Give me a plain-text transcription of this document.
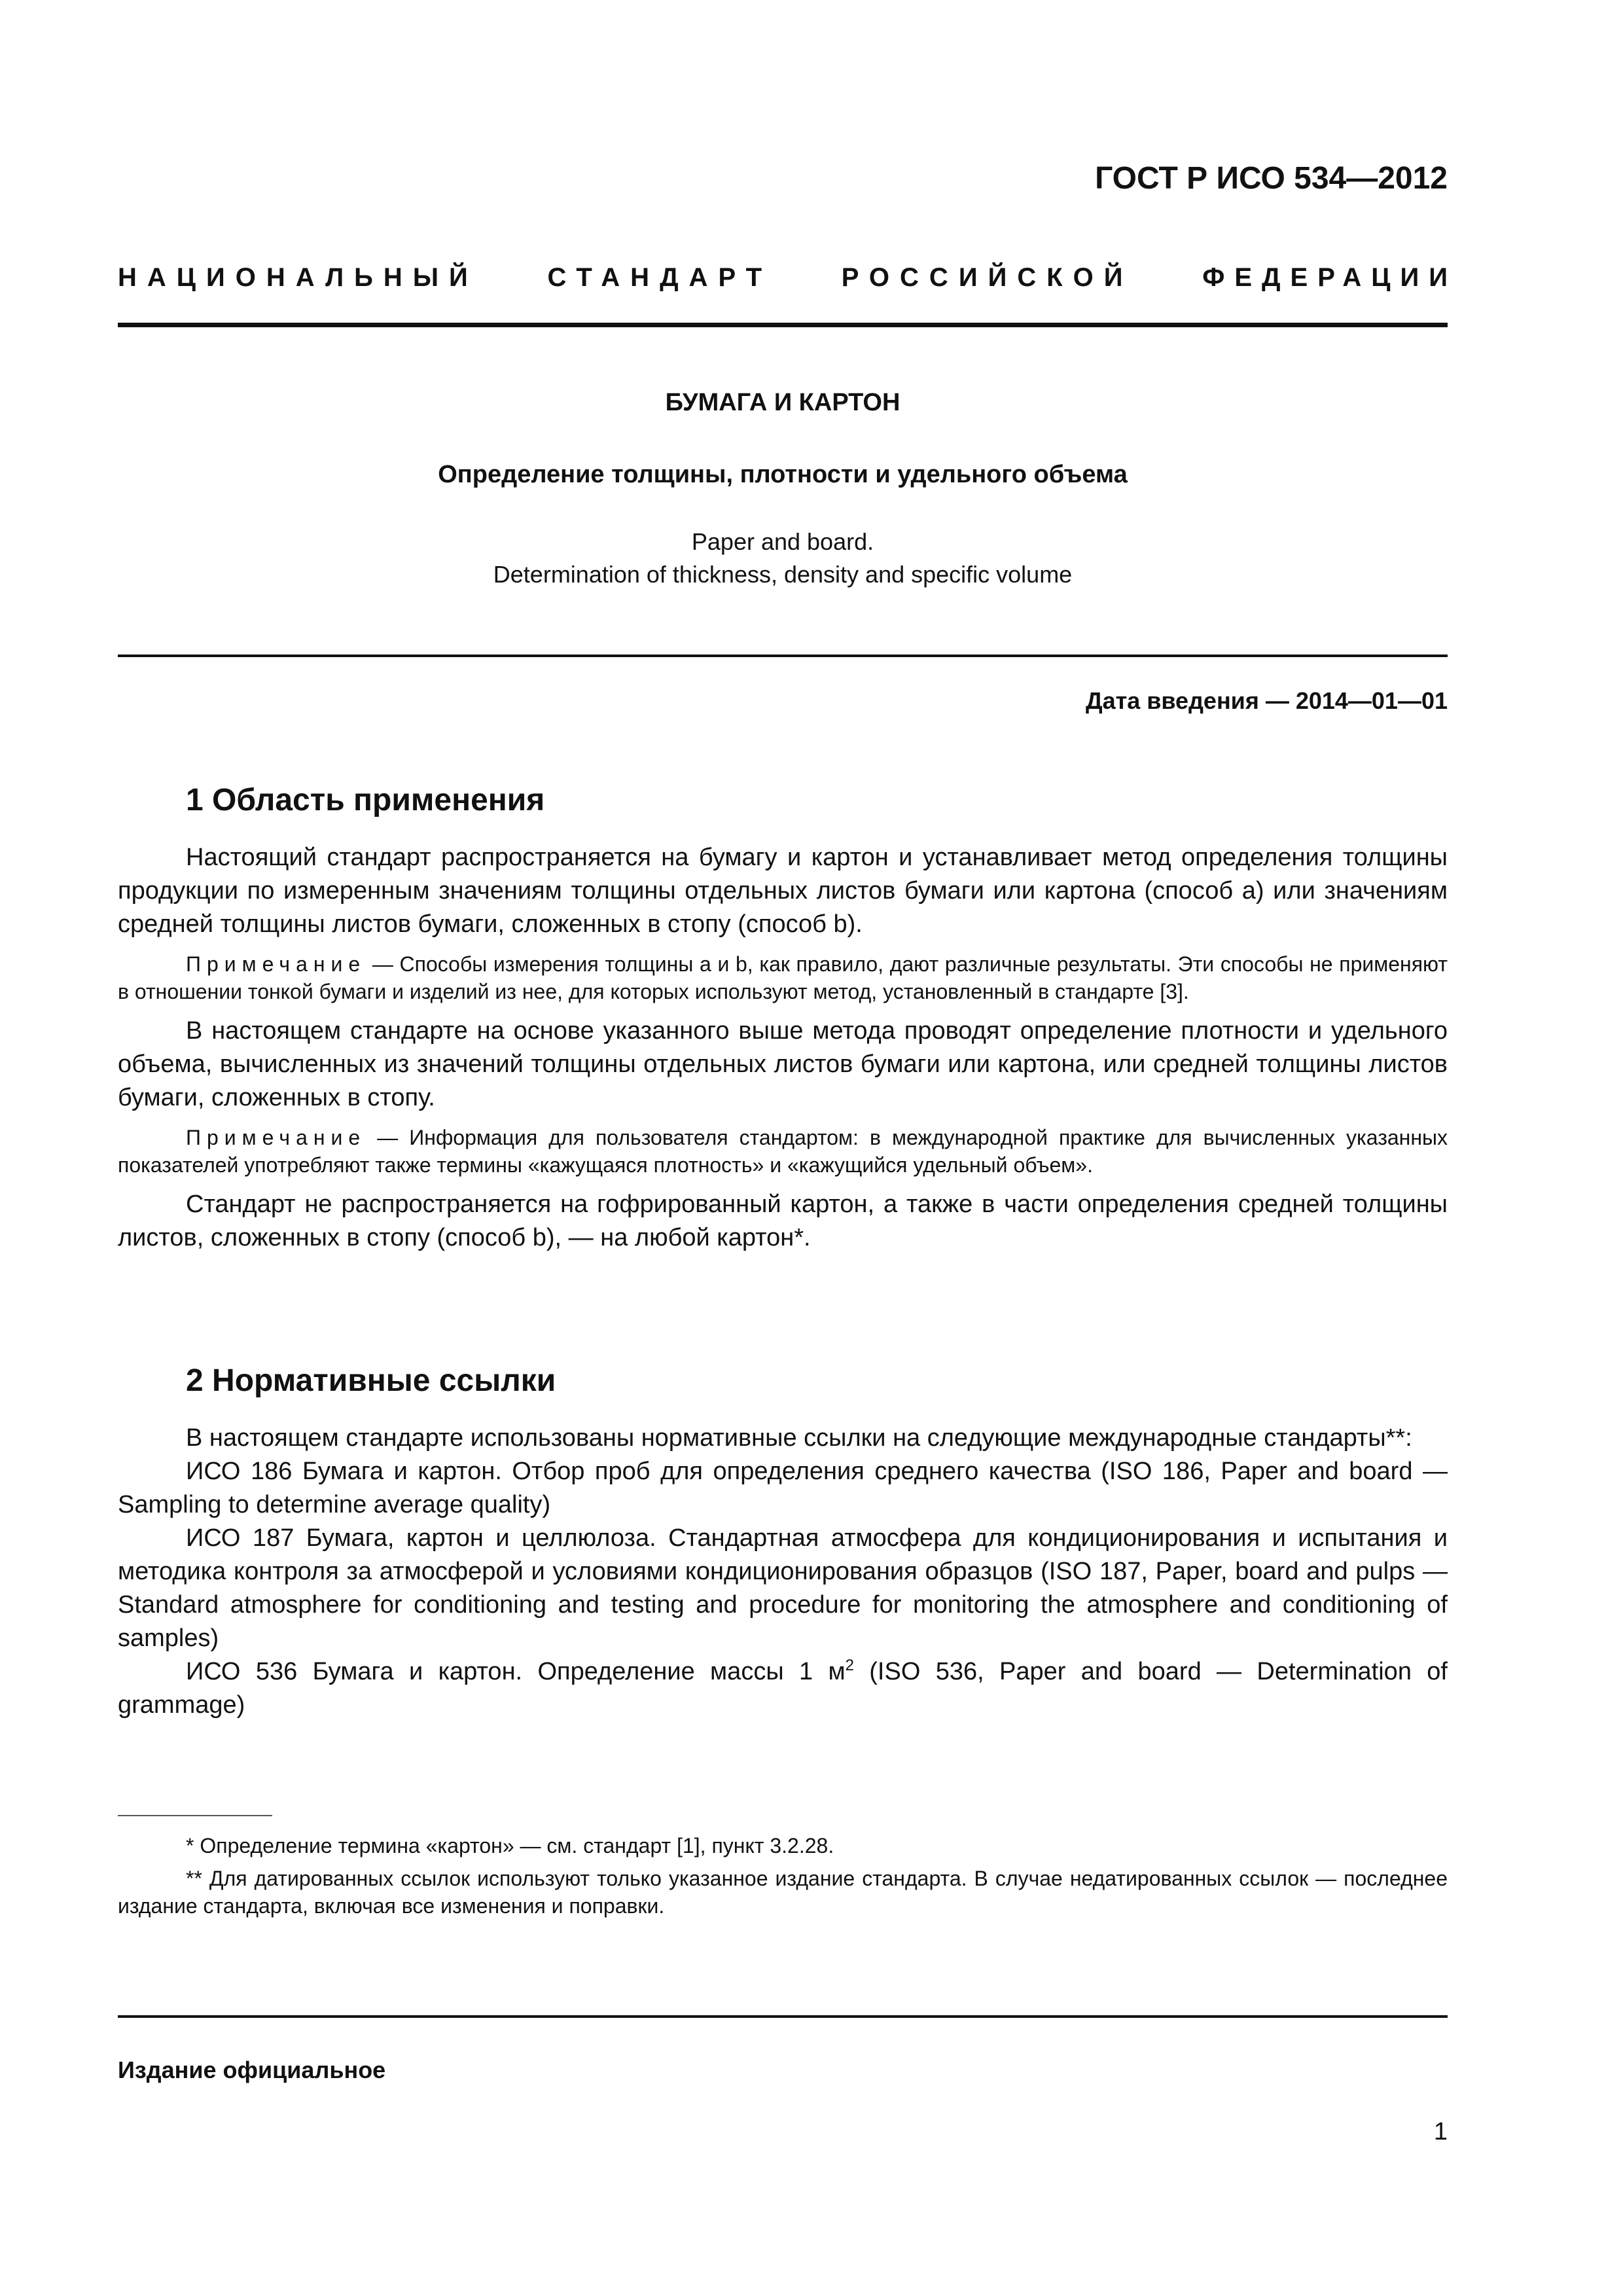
ГОСТ Р ИСО 534—2012
НАЦИОНАЛЬНЫЙ	СТАНДАРТ	РОССИЙСКОЙ	ФЕДЕРАЦИИ
БУМАГА И КАРТОН
Определение толщины, плотности и удельного объема
Paper and board.
Determination of thickness, density and specific volume
Дата введения — 2014—01—01
1 Область применения

Настоящий стандарт распространяется на бумагу и картон и устанавливает метод определения толщины продукции по измеренным значениям толщины отдельных листов бумаги или картона (способ а) или значениям средней толщины листов бумаги, сложенных в стопу (способ b).

Примечание — Способы измерения толщины а и b, как правило, дают различные результаты. Эти способы не применяют в отношении тонкой бумаги и изделий из нее, для которых используют метод, установленный в стандарте [3].

В настоящем стандарте на основе указанного выше метода проводят определение плотности и удельного объема, вычисленных из значений толщины отдельных листов бумаги или картона, или средней толщины листов бумаги, сложенных в стопу.

Примечание — Информация для пользователя стандартом: в международной практике для вычисленных указанных показателей употребляют также термины «кажущаяся плотность» и «кажущийся удельный объем».

Стандарт не распространяется на гофрированный картон, а также в части определения средней толщины листов, сложенных в стопу (способ b), — на любой картон*.

2 Нормативные ссылки

В настоящем стандарте использованы нормативные ссылки на следующие международные стандарты**:

ИСО 186 Бумага и картон. Отбор проб для определения среднего качества (ISO 186, Paper and board — Sampling to determine average quality)

ИСО 187 Бумага, картон и целлюлоза. Стандартная атмосфера для кондиционирования и испытания и методика контроля за атмосферой и условиями кондиционирования образцов (ISO 187, Paper, board and pulps — Standard atmosphere for conditioning and testing and procedure for monitoring the atmosphere and conditioning of samples)

ИСО 536 Бумага и картон. Определение массы 1 $м^2$ (ISO 536, Paper and board — Determination of grammage)

* Определение термина «картон» — см. стандарт [1], пункт 3.2.28.

** Для датированных ссылок используют только указанное издание стандарта. В случае недатированных ссылок — последнее издание стандарта, включая все изменения и поправки.

Издание официальное
1
